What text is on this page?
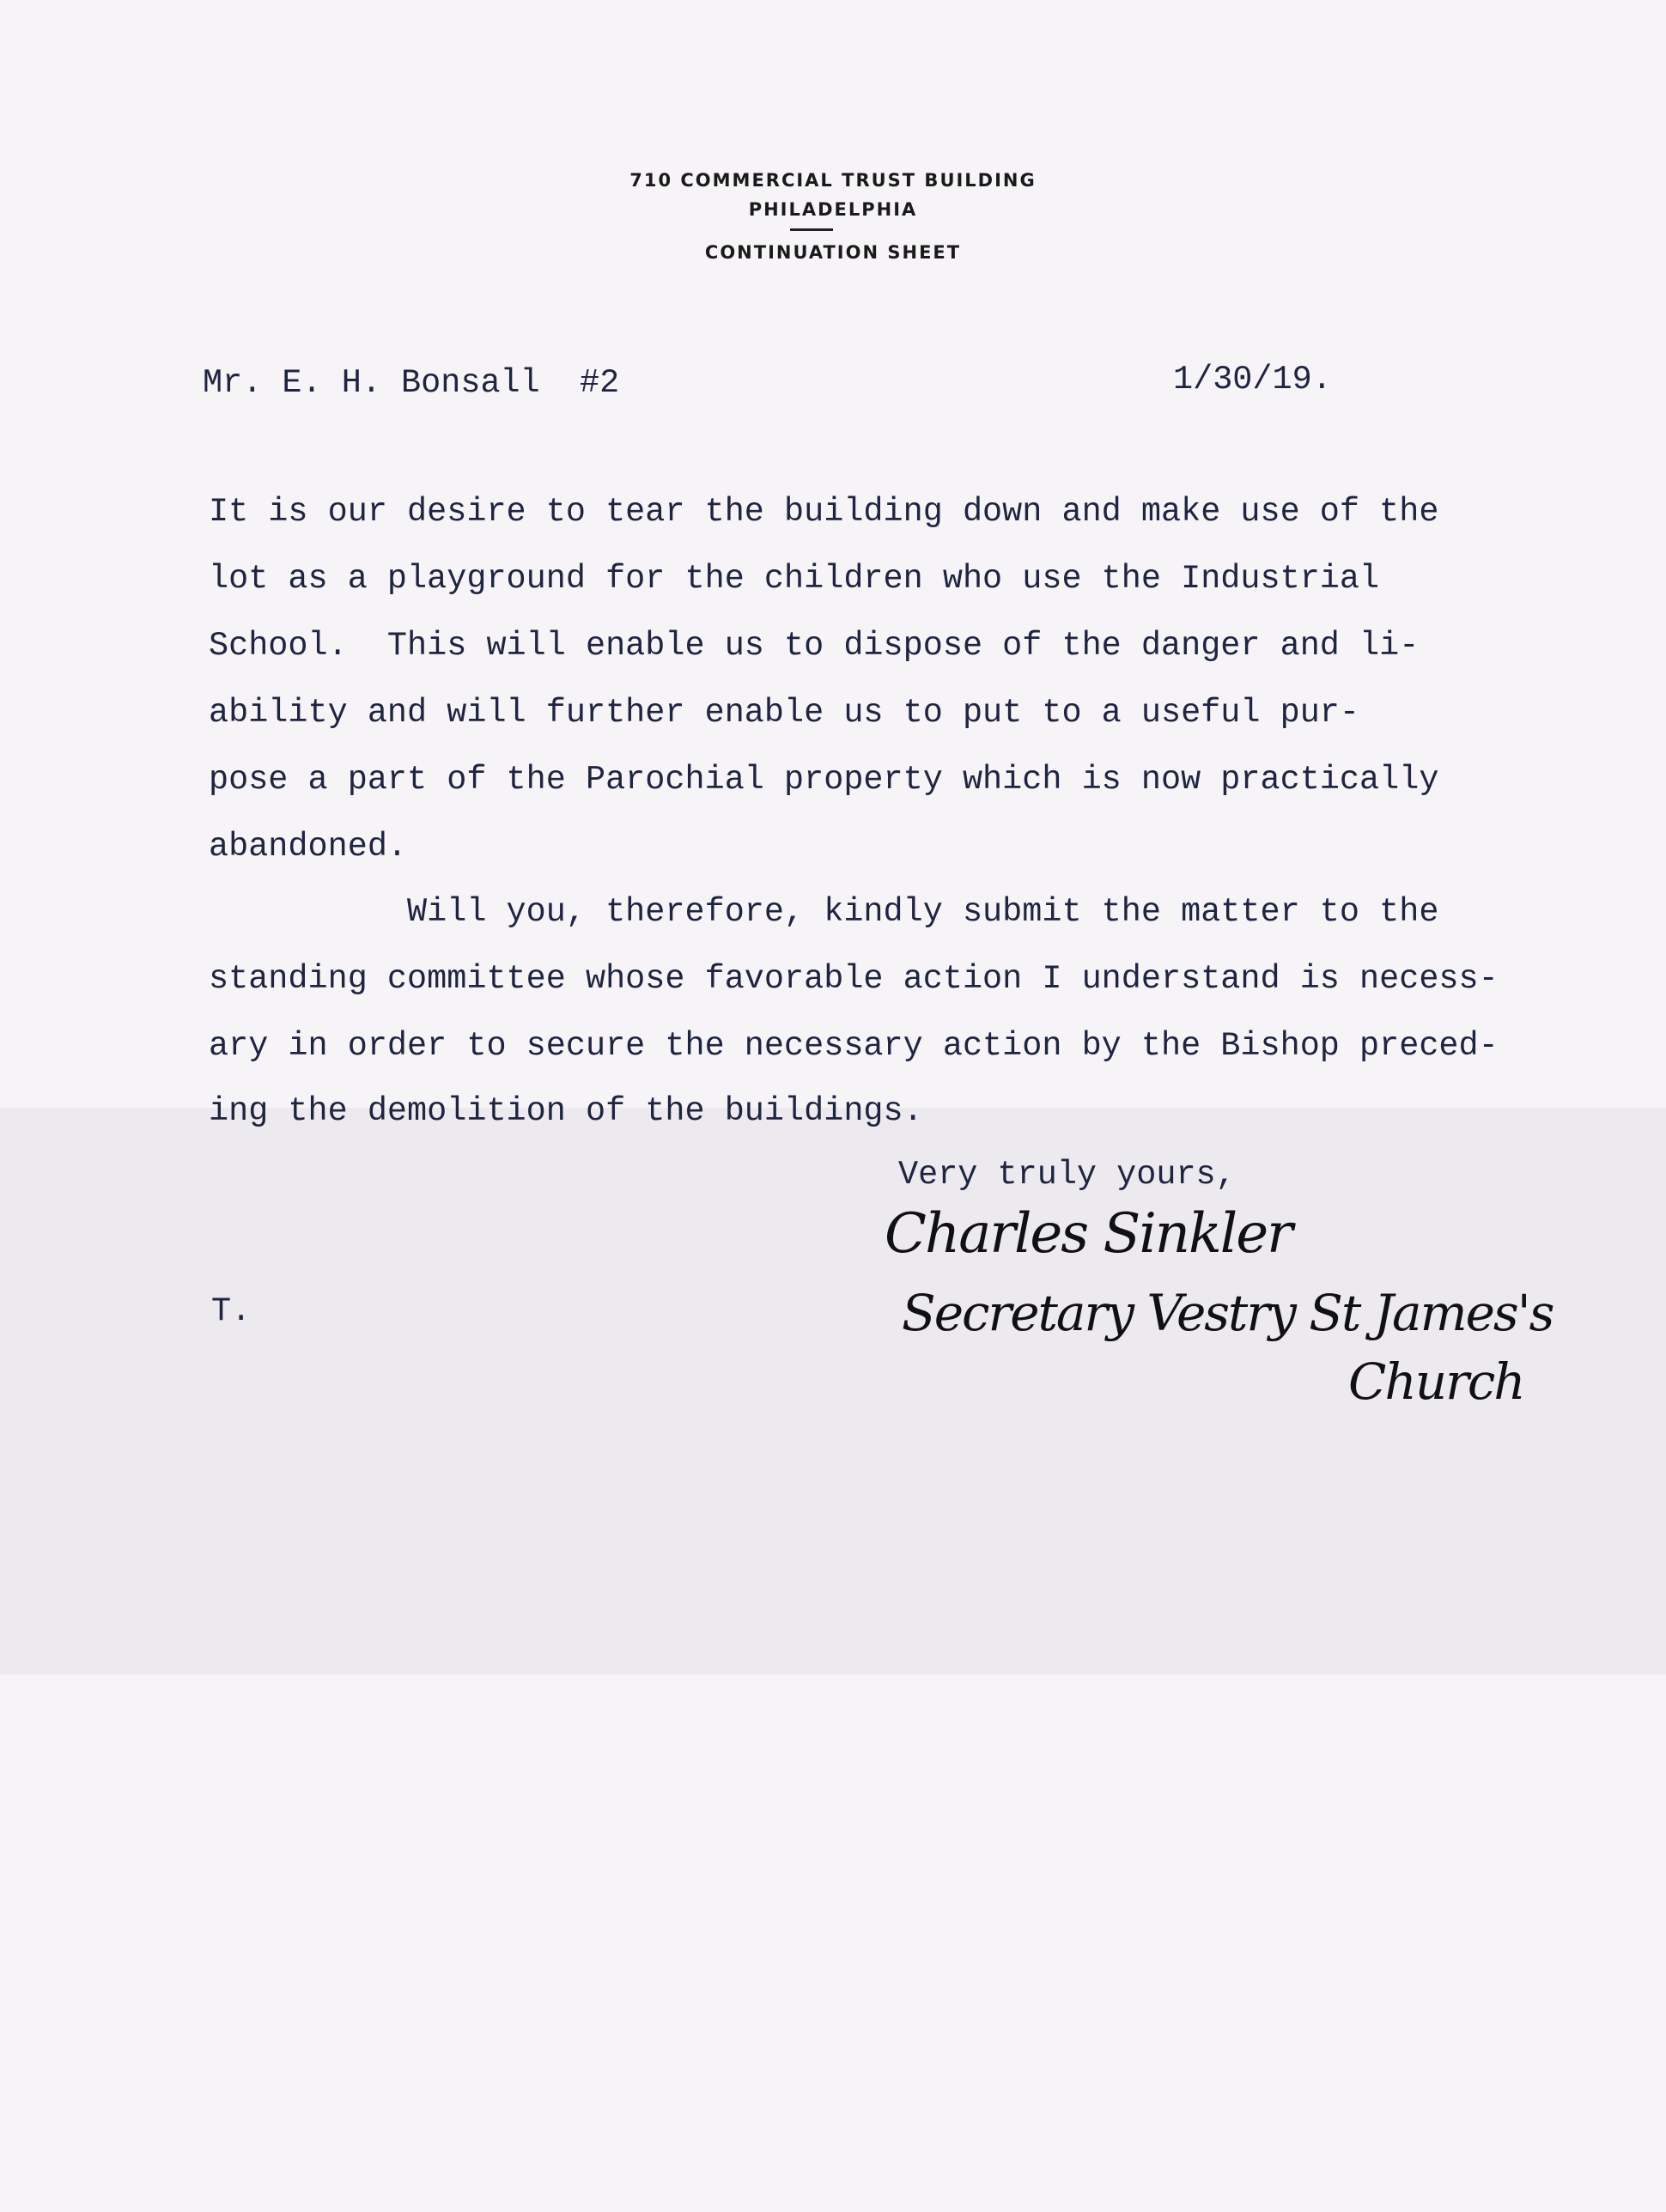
710 COMMERCIAL TRUST BUILDING
PHILADELPHIA
CONTINUATION SHEET
Mr. E. H. Bonsall  #2	1/30/19.
It is our desire to tear the building down and make use of the
lot as a playground for the children who use the Industrial
School.  This will enable us to dispose of the danger and li-
ability and will further enable us to put to a useful pur-
pose a part of the Parochial property which is now practically
abandoned.
Will you, therefore, kindly submit the matter to the
standing committee whose favorable action I understand is necess-
ary in order to secure the necessary action by the Bishop preced-
ing the demolition of the buildings.
Very truly yours,
Charles Sinkler
Secretary Vestry St James's
Church
T.
